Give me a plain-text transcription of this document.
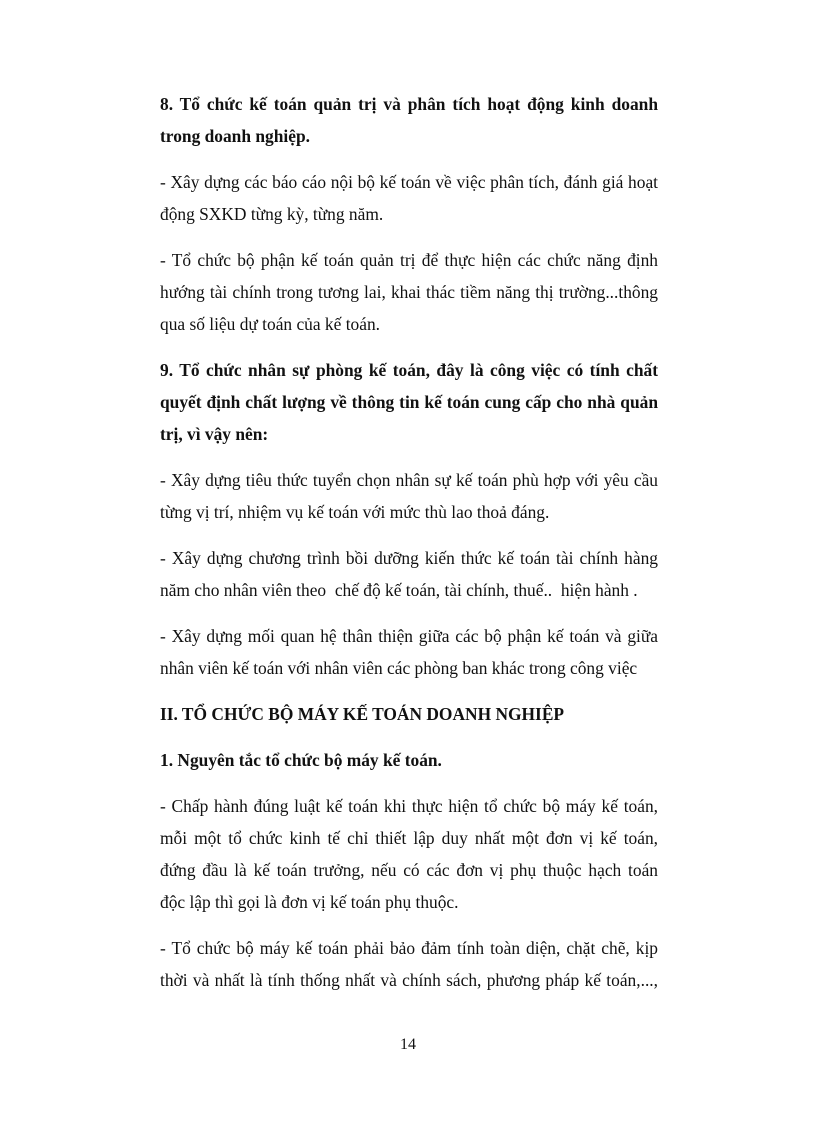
8. Tổ chức kế toán quản trị và phân tích hoạt động kinh doanh
trong doanh nghiệp.
- Xây dựng các báo cáo nội bộ kế toán về việc phân tích, đánh giá hoạt
động SXKD từng kỳ, từng năm.
- Tổ chức bộ phận kế toán quản trị để thực hiện các chức năng định
hướng tài chính trong tương lai, khai thác tiềm năng thị trường...thông
qua số liệu dự toán của kế toán.
9. Tổ chức nhân sự phòng kế toán, đây là công việc có tính chất
quyết định chất lượng về thông tin kế toán cung cấp cho nhà quản
trị, vì vậy nên:
- Xây dựng tiêu thức tuyển chọn nhân sự kế toán phù hợp với yêu cầu
từng vị trí, nhiệm vụ kế toán với mức thù lao thoả đáng.
- Xây dựng chương trình bồi dưỡng kiến thức kế toán tài chính hàng
năm cho nhân viên theo  chế độ kế toán, tài chính, thuế..  hiện hành .
- Xây dựng mối quan hệ thân thiện giữa các bộ phận kế toán và giữa
nhân viên kế toán với nhân viên các phòng ban khác trong công việc
II. TỔ CHỨC BỘ MÁY KẾ TOÁN DOANH NGHIỆP
1. Nguyên tắc tổ chức bộ máy kế toán.
- Chấp hành đúng luật kế toán khi thực hiện tổ chức bộ máy kế toán,
mỗi một tổ chức kinh tế chỉ thiết lập duy nhất một đơn vị kế toán,
đứng đầu là kế toán trưởng, nếu có các đơn vị phụ thuộc hạch toán
độc lập thì gọi là đơn vị kế toán phụ thuộc.
- Tổ chức bộ máy kế toán phải bảo đảm tính toàn diện, chặt chẽ, kịp
thời và nhất là tính thống nhất và chính sách, phương pháp kế toán,...,
14
